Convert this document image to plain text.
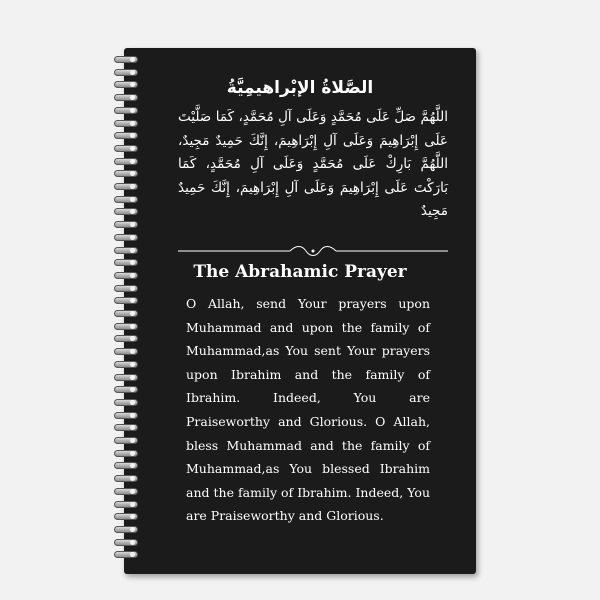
الصَّلاةُ الإبْراهيمِيَّةُ
اللَّهُمَّ صَلِّ عَلَى مُحَمَّدٍ وَعَلَى آلِ مُحَمَّدٍ، كَمَا صَلَّيْتَ عَلَى إِبْرَاهِيمَ وَعَلَى آلِ إِبْرَاهِيمَ، إِنَّكَ حَمِيدٌ مَجِيدٌ، اللَّهُمَّ بَارِكْ عَلَى مُحَمَّدٍ وَعَلَى آلِ مُحَمَّدٍ، كَمَا بَارَكْتَ عَلَى إِبْرَاهِيمَ وَعَلَى آلِ إِبْرَاهِيمَ، إِنَّكَ حَمِيدٌ مَجِيدٌ
The Abrahamic Prayer
O Allah, send Your prayers upon Muhammad and upon the family of Muhammad,as You sent Your prayers upon Ibrahim and the family of Ibrahim. Indeed, You are Praiseworthy and Glorious. O Allah, bless Muhammad and the family of Muhammad,as You blessed Ibrahim and the family of Ibrahim. Indeed, You are Praiseworthy and Glorious.
